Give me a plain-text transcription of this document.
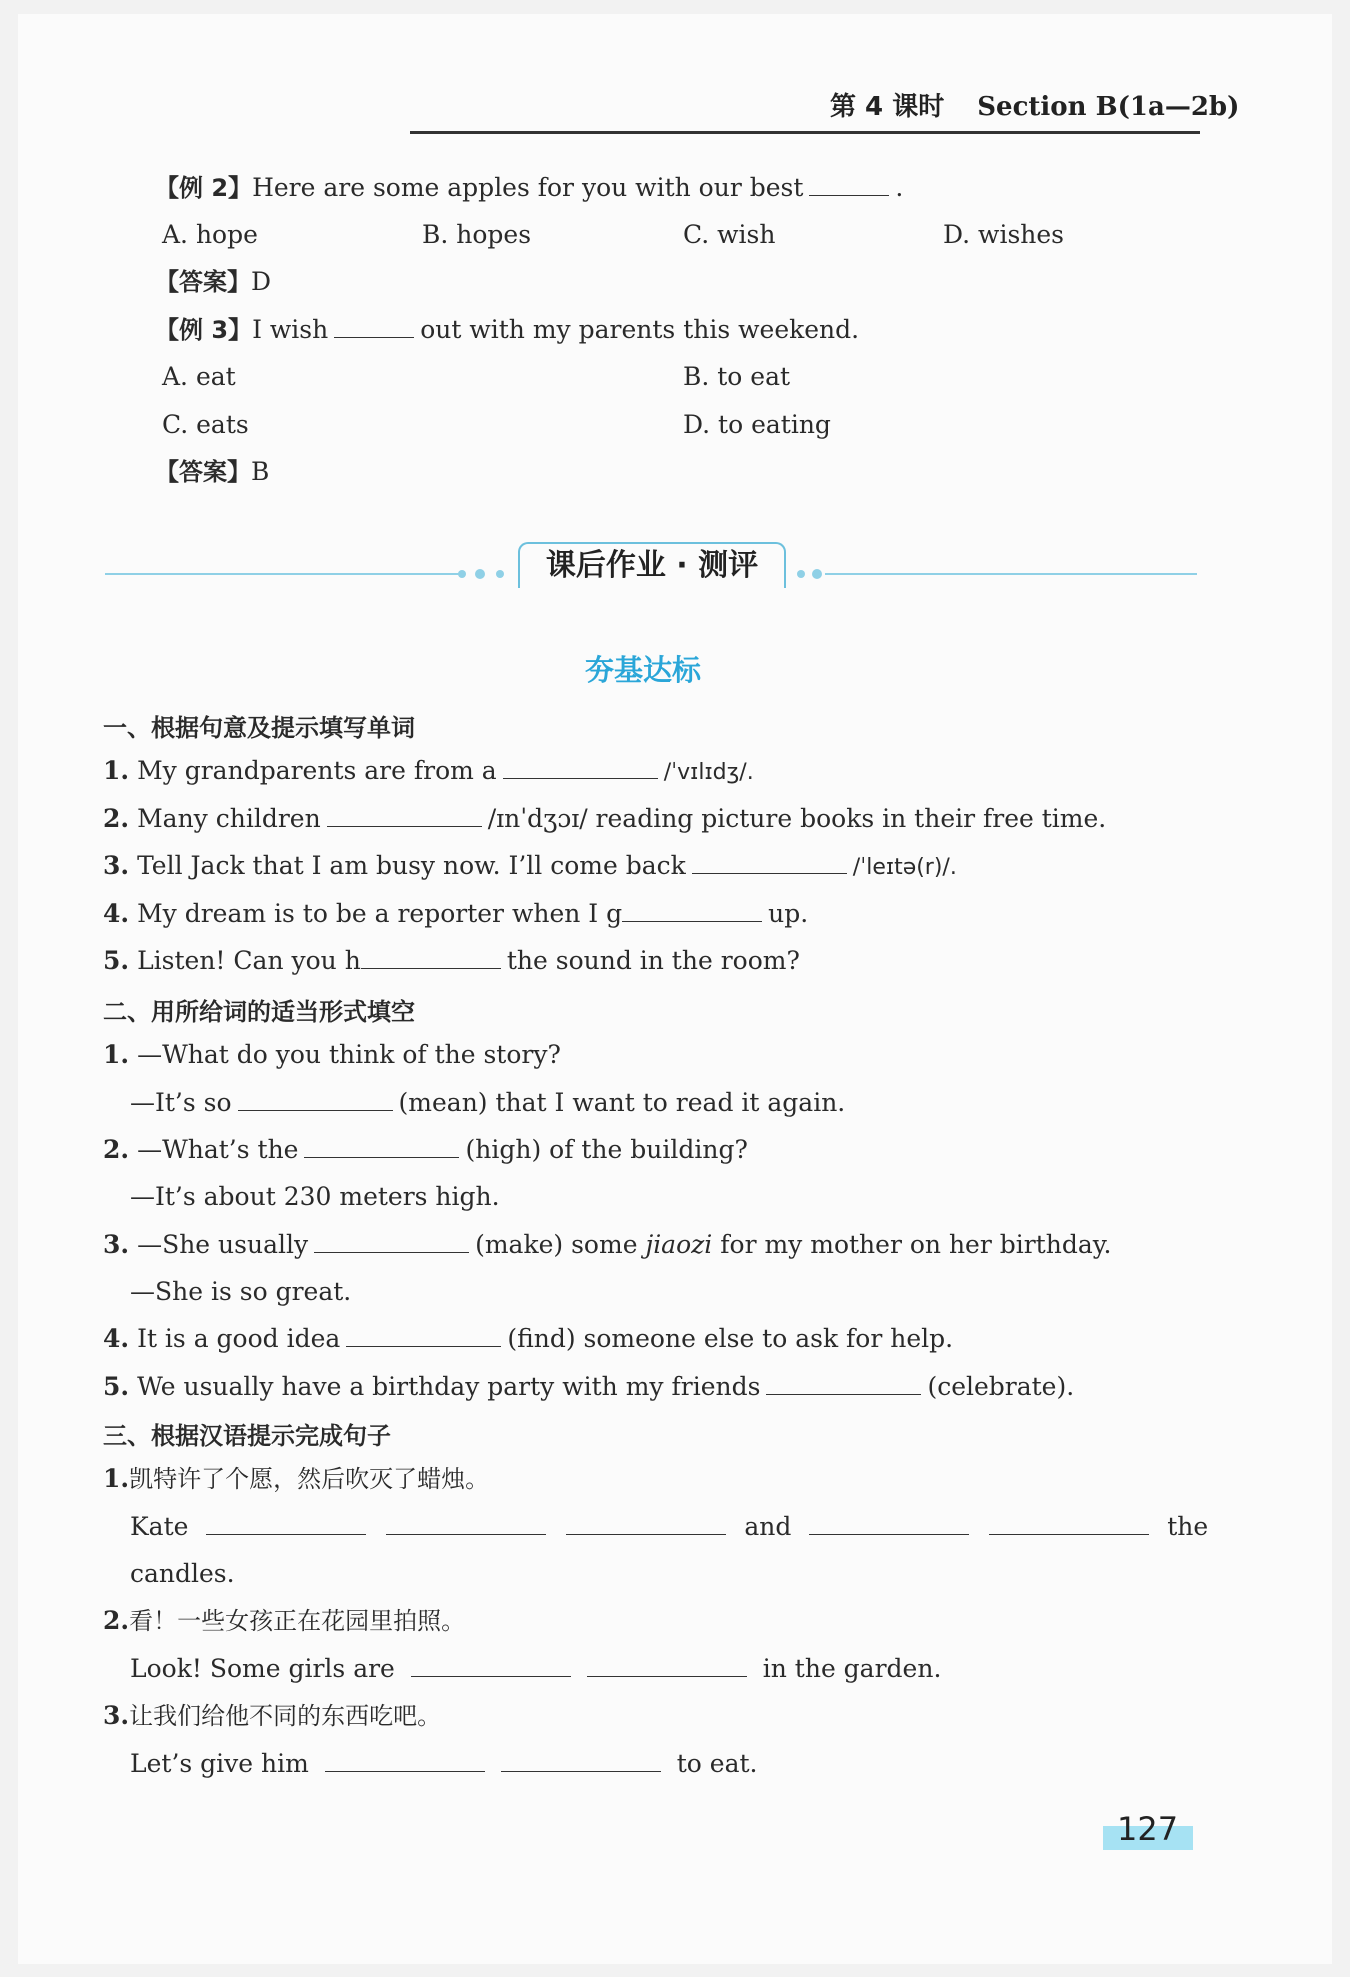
第 4 课时 Section B(1a—2b)
【例 2】Here are some apples for you with our best	.
A. hope	B. hopes	C. wish	D. wishes
【答案】D
【例 3】I wish	out with my parents this weekend.
A. eat	B. to eat
C. eats	D. to eating
【答案】B
课后作业 · 测评
夯基达标
一、根据句意及提示填写单词
1. My grandparents are from a	/ˈvɪlɪdʒ/.
2. Many children	/ɪnˈdʒɔɪ/ reading picture books in their free time.
3. Tell Jack that I am busy now. I’ll come back	/ˈleɪtə(r)/.
4. My dream is to be a reporter when I g	up.
5. Listen! Can you h	the sound in the room?
二、用所给词的适当形式填空
1. —What do you think of the story?
—It’s so	(mean) that I want to read it again.
2. —What’s the	(high) of the building?
—It’s about 230 meters high.
3. —She usually	(make) some jiaozi for my mother on her birthday.
—She is so great.
4. It is a good idea	(find) someone else to ask for help.
5. We usually have a birthday party with my friends	(celebrate).
三、根据汉语提示完成句子
1.凯特许了个愿，然后吹灭了蜡烛。
Kate	and	the
candles.
2.看！一些女孩正在花园里拍照。
Look! Some girls are	in the garden.
3.让我们给他不同的东西吃吧。
Let’s give him	to eat.
127
